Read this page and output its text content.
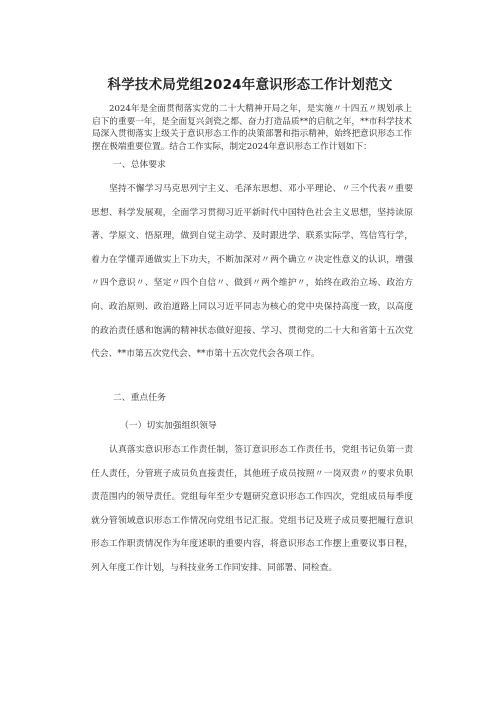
科学技术局党组2024年意识形态工作计划范文

2024年是全面贯彻落实党的二十大精神开局之年，是实施〃十四五〃规划承上启下的重要一年，是全面复兴剑瓷之都、奋力打造品质**的启航之年，**市科学技术局深入贯彻落实上级关于意识形态工作的决策部署和指示精神，始终把意识形态工作摆在极端重要位置。结合工作实际，制定2024年意识形态工作计划如下：

一、总体要求

坚持不懈学习马克思列宁主义、毛泽东思想、邓小平理论、〃三个代表〃重要思想、科学发展观，全面学习贯彻习近平新时代中国特色社会主义思想，坚持读原著、学原文、悟原理，做到自觉主动学、及时跟进学、联系实际学、笃信笃行学，着力在学懂弄通做实上下功夫，不断加深对〃两个确立〃决定性意义的认识，增强〃四个意识〃、坚定〃四个自信〃、做到〃两个维护〃，始终在政治立场、政治方向、政治原则、政治道路上同以习近平同志为核心的党中央保持高度一致，以高度的政治责任感和饱满的精神状态做好迎接、学习、贯彻党的二十大和省第十五次党代会、**市第五次党代会、**市第十五次党代会各项工作。

二、重点任务

（一）切实加强组织领导

认真落实意识形态工作责任制，签订意识形态工作责任书，党组书记负第一责任人责任，分管班子成员负直接责任，其他班子成员按照〃一岗双责〃的要求负职责范围内的领导责任。党组每年至少专题研究意识形态工作四次，党组成员每季度就分管领域意识形态工作情况向党组书记汇报。党组书记及班子成员要把履行意识形态工作职责情况作为年度述职的重要内容，将意识形态工作摆上重要议事日程，列入年度工作计划，与科技业务工作同安排、同部署、同检查。
